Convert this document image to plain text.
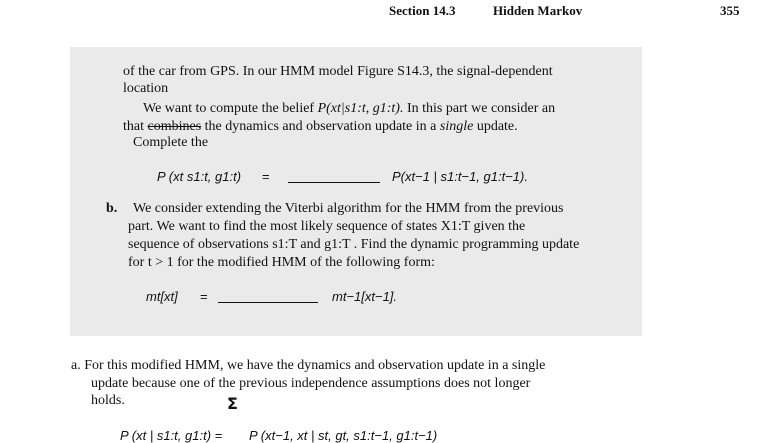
Section 14.3	Hidden Markov	355
of the car from GPS. In our HMM model Figure S14.3, the signal-dependent
location
We want to compute the belief P(xt|s1:t, g1:t). In this part we consider an
that combines the dynamics and observation update in a single update.
Complete the
P (xt s1:t, g1:t) =	P(xt−1 | s1:t−1, g1:t−1).
b. We consider extending the Viterbi algorithm for the HMM from the previous
part. We want to find the most likely sequence of states X1:T given the
sequence of observations s1:T and g1:T . Find the dynamic programming update
for t > 1 for the modified HMM of the following form:
mt[xt] =	mt−1[xt−1].
a. For this modified HMM, we have the dynamics and observation update in a single
update because one of the previous independence assumptions does not longer
holds.	Σ
P (xt | s1:t, g1:t) = P (xt−1, xt | st, gt, s1:t−1, g1:t−1)
